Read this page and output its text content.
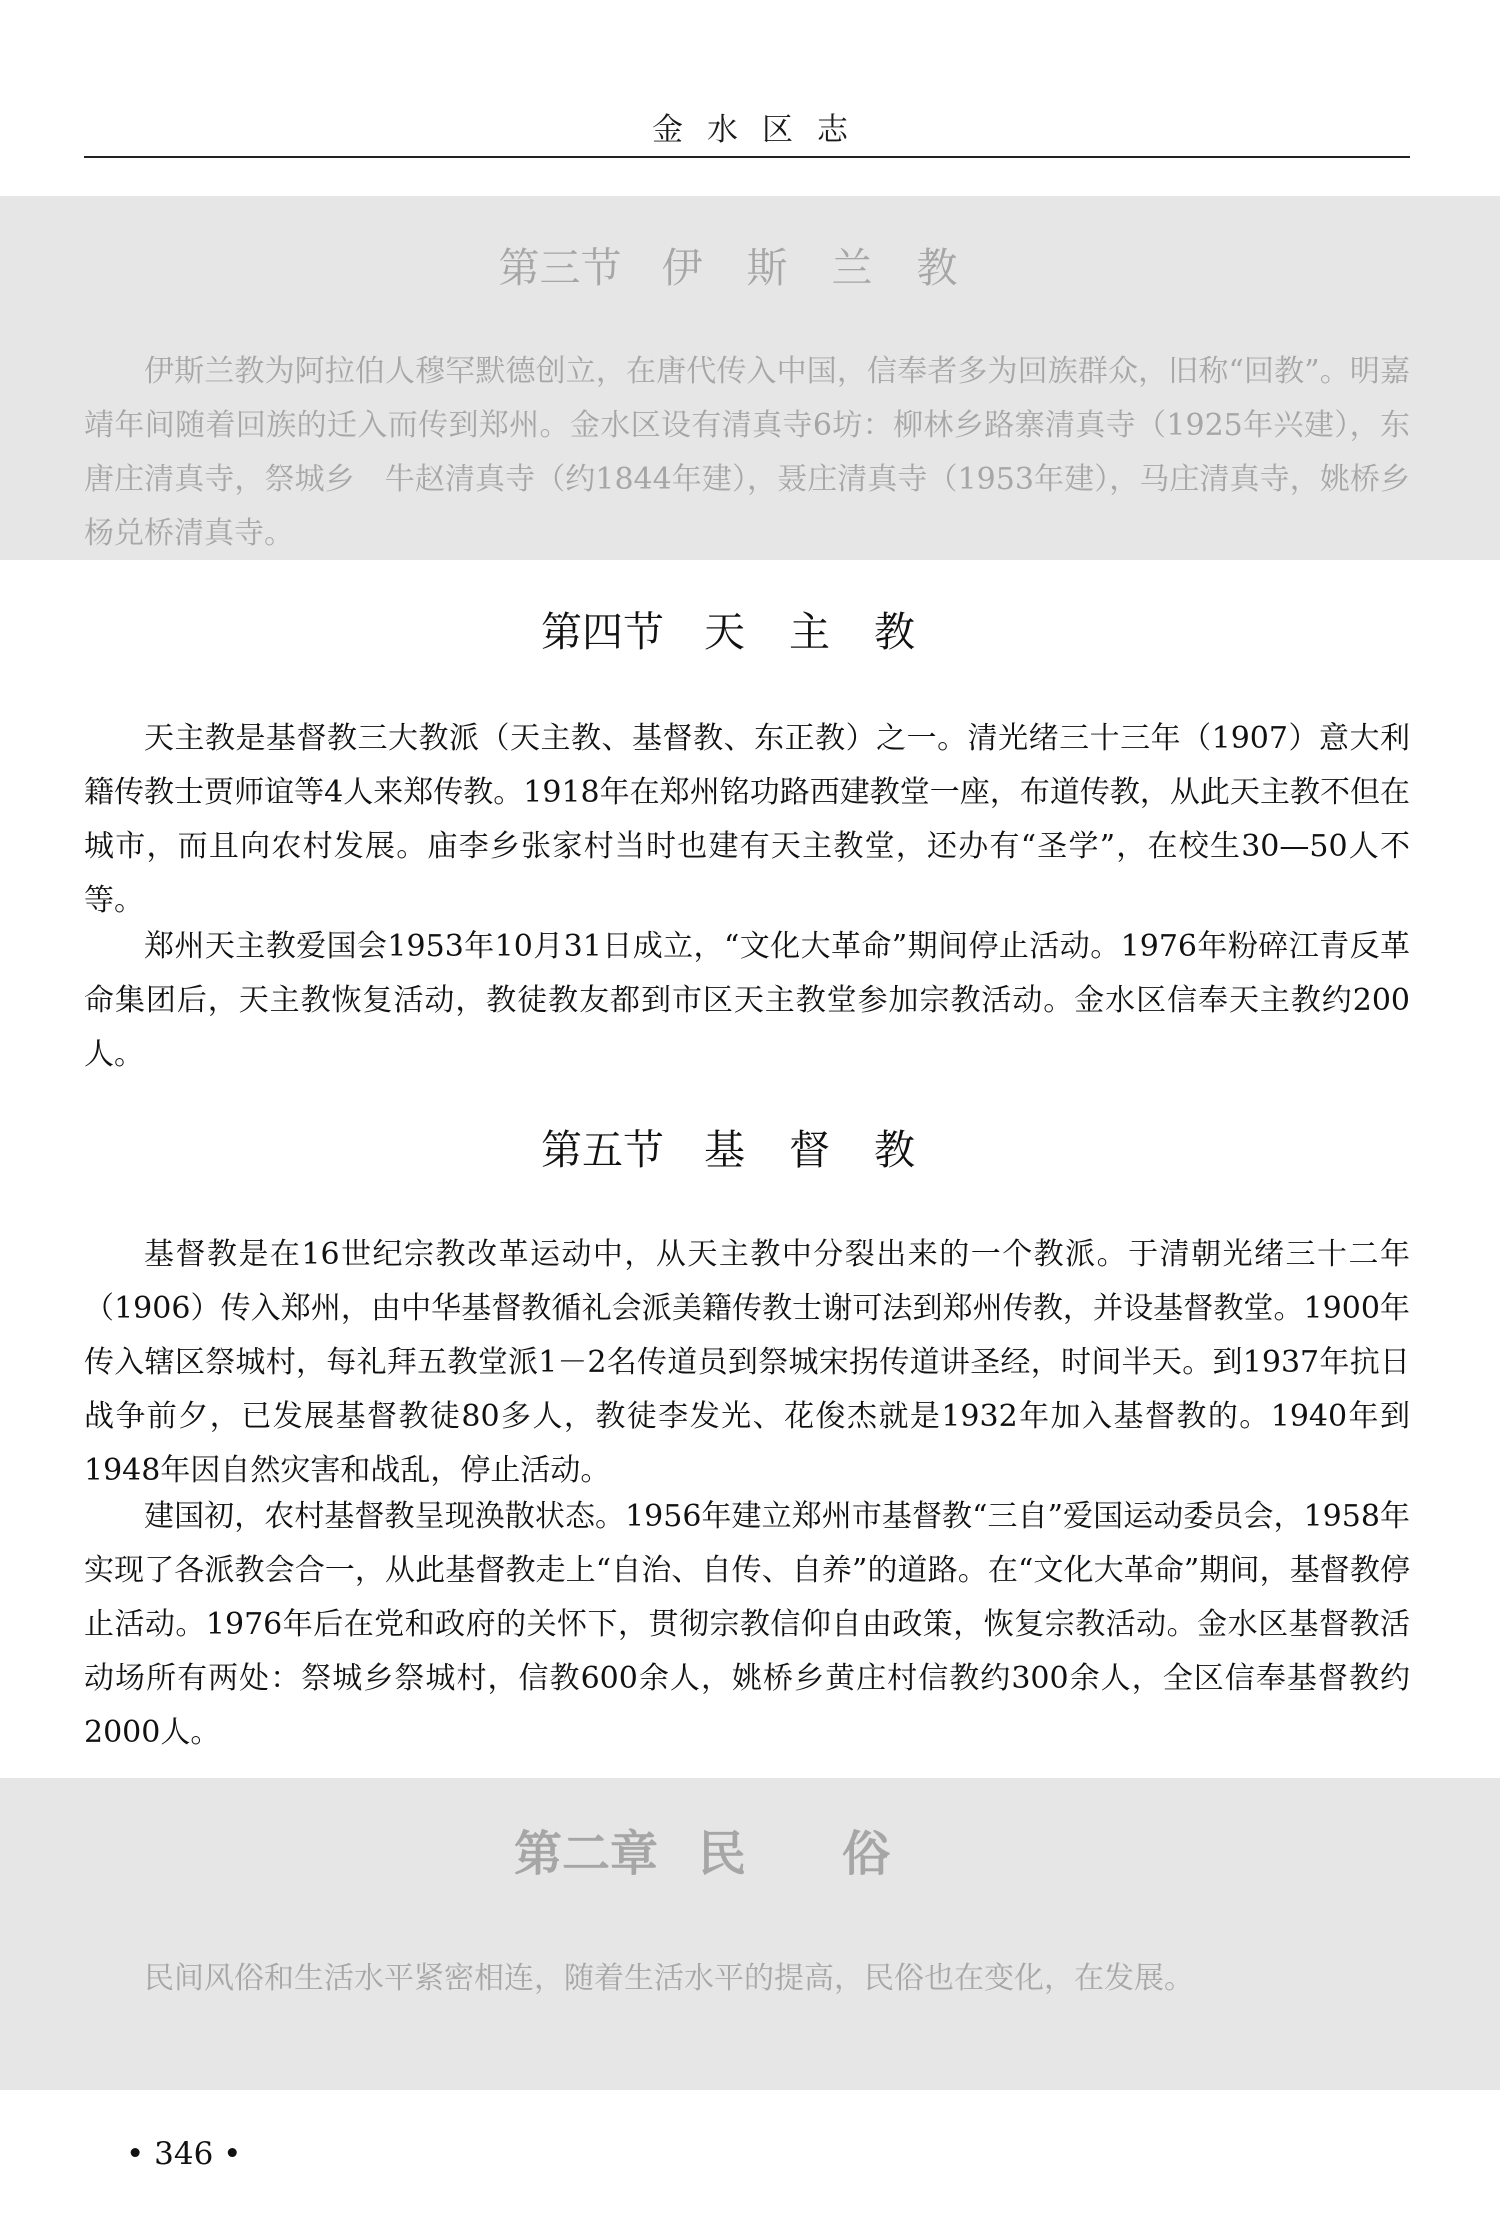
金水区志
第三节 伊斯兰教

伊斯兰教为阿拉伯人穆罕默德创立，在唐代传入中国，信奉者多为回族群众，旧称“回教”。明嘉靖年间随着回族的迁入而传到郑州。金水区设有清真寺6坊：柳林乡路寨清真寺（1925年兴建），东唐庄清真寺，祭城乡　牛赵清真寺（约1844年建），聂庄清真寺（1953年建），马庄清真寺，姚桥乡杨兑桥清真寺。

第四节 天主教

天主教是基督教三大教派（天主教、基督教、东正教）之一。清光绪三十三年（1907）意大利籍传教士贾师谊等4人来郑传教。1918年在郑州铭功路西建教堂一座，布道传教，从此天主教不但在城市，而且向农村发展。庙李乡张家村当时也建有天主教堂，还办有“圣学”，在校生30—50人不等。

郑州天主教爱国会1953年10月31日成立，“文化大革命”期间停止活动。1976年粉碎江青反革命集团后，天主教恢复活动，教徒教友都到市区天主教堂参加宗教活动。金水区信奉天主教约200人。

第五节 基督教

基督教是在16世纪宗教改革运动中，从天主教中分裂出来的一个教派。于清朝光绪三十二年（1906）传入郑州，由中华基督教循礼会派美籍传教士谢可法到郑州传教，并设基督教堂。1900年传入辖区祭城村，每礼拜五教堂派1－2名传道员到祭城宋拐传道讲圣经，时间半天。到1937年抗日战争前夕，已发展基督教徒80多人，教徒李发光、花俊杰就是1932年加入基督教的。1940年到1948年因自然灾害和战乱，停止活动。

建国初，农村基督教呈现涣散状态。1956年建立郑州市基督教“三自”爱国运动委员会，1958年实现了各派教会合一，从此基督教走上“自治、自传、自养”的道路。在“文化大革命”期间，基督教停止活动。1976年后在党和政府的关怀下，贯彻宗教信仰自由政策，恢复宗教活动。金水区基督教活动场所有两处：祭城乡祭城村，信教600余人，姚桥乡黄庄村信教约300余人，全区信奉基督教约2000人。

第二章 民俗

民间风俗和生活水平紧密相连，随着生活水平的提高，民俗也在变化，在发展。

• 346 •
